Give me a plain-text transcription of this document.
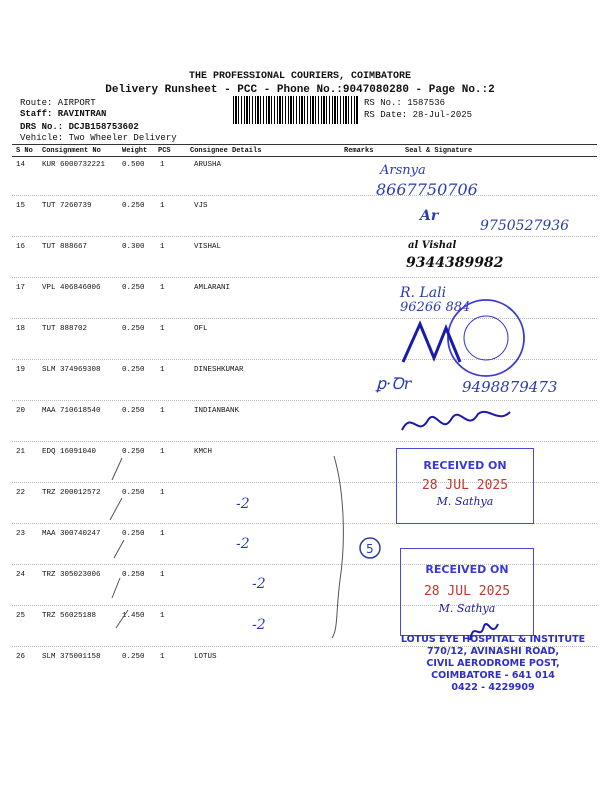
THE PROFESSIONAL COURIERS, COIMBATORE
Delivery Runsheet - PCC - Phone No.:9047080280 - Page No.:2
Route: AIRPORT
Staff: RAVINTRAN
DRS No.: DCJB158753602
Vehicle: Two Wheeler Delivery
RS No.: 1587536
RS Date: 28-Jul-2025
S No Consignment No	Weight PCS	Consignee Details	Remarks	Seal & Signature
14 KUR 6000732221 0.500 1	ARUSHA
15 TUT 7260739	0.250 1	VJS
16 TUT 888667	0.300 1	VISHAL
17 VPL 406846006	0.250 1	AMLARANI
18 TUT 888702	0.250 1	OFL
19 SLM 374969308	0.250 1	DINESHKUMAR
20 MAA 710618540	0.250 1	INDIANBANK
21 EDQ 16091040	0.250 1	KMCH
22 TRZ 200012572	0.250 1
23 MAA 300740247	0.250 1
24 TRZ 305023006	0.250 1
25 TRZ 56025188	1.450 1
26 SLM 375001158	0.250 1	LOTUS
Arsnya
8667750706
Ar
9750527936
al Vishal
9344389982
R. Lali
96266 884
ꝑ·Ꝺr	9498879473
RECEIVED ON
28 JUL 2025
M. Sathya
RECEIVED ON
28 JUL 2025
M. Sathya
5
-2
-2
-2
-2
LOTUS EYE HOSPITAL & INSTITUTE
770/12, AVINASHI ROAD,
CIVIL AERODROME POST,
COIMBATORE - 641 014
0422 - 4229909
